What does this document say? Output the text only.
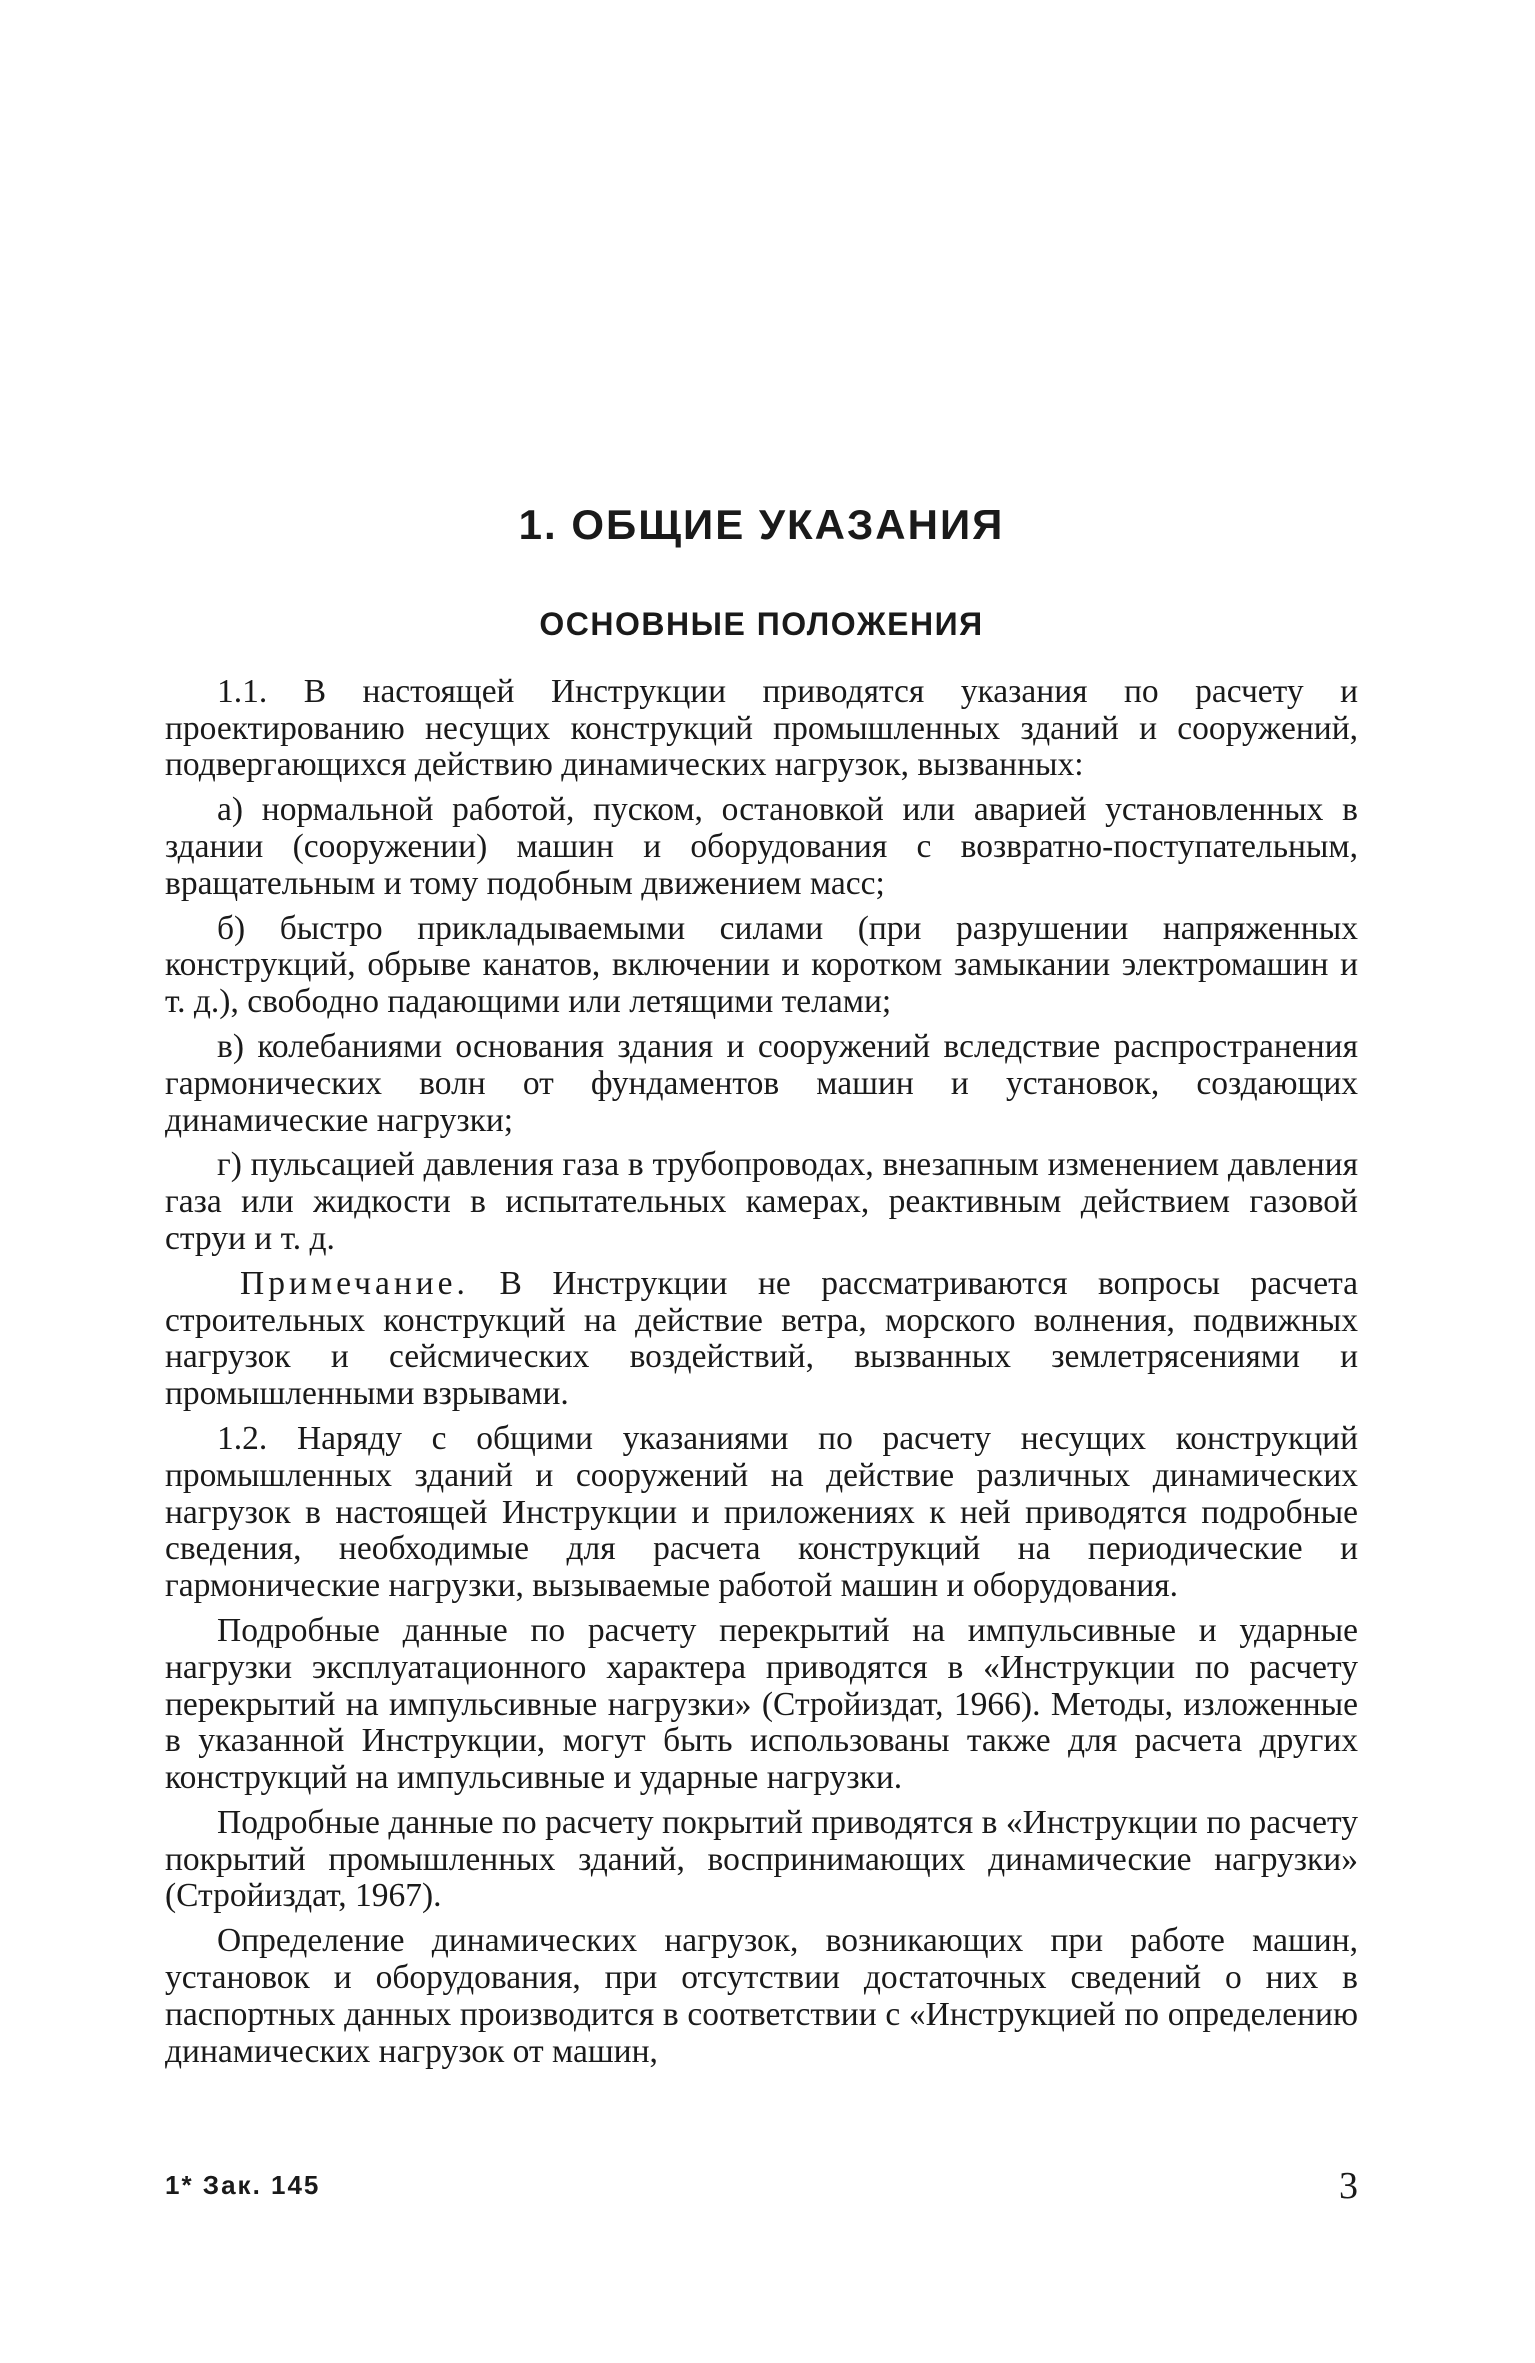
1. ОБЩИЕ УКАЗАНИЯ
ОСНОВНЫЕ ПОЛОЖЕНИЯ

1.1. В настоящей Инструкции приводятся указания по расчету и проектированию несущих конструкций промышленных зданий и сооружений, подвергающихся действию динамических нагрузок, вызванных:

а) нормальной работой, пуском, остановкой или аварией установленных в здании (сооружении) машин и оборудования с возвратно-поступательным, вращательным и тому подобным движением масс;

б) быстро прикладываемыми силами (при разрушении напряженных конструкций, обрыве канатов, включении и коротком замыкании электромашин и т. д.), свободно падающими или летящими телами;

в) колебаниями основания здания и сооружений вследствие распространения гармонических волн от фундаментов машин и установок, создающих динамические нагрузки;

г) пульсацией давления газа в трубопроводах, внезапным изменением давления газа или жидкости в испытательных камерах, реактивным действием газовой струи и т. д.

Примечание. В Инструкции не рассматриваются вопросы расчета строительных конструкций на действие ветра, морского волнения, подвижных нагрузок и сейсмических воздействий, вызванных землетрясениями и промышленными взрывами.

1.2. Наряду с общими указаниями по расчету несущих конструкций промышленных зданий и сооружений на действие различных динамических нагрузок в настоящей Инструкции и приложениях к ней приводятся подробные сведения, необходимые для расчета конструкций на периодические и гармонические нагрузки, вызываемые работой машин и оборудования.

Подробные данные по расчету перекрытий на импульсивные и ударные нагрузки эксплуатационного характера приводятся в «Инструкции по расчету перекрытий на импульсивные нагрузки» (Стройиздат, 1966). Методы, изложенные в указанной Инструкции, могут быть использованы также для расчета других конструкций на импульсивные и ударные нагрузки.

Подробные данные по расчету покрытий приводятся в «Инструкции по расчету покрытий промышленных зданий, воспринимающих динамические нагрузки» (Стройиздат, 1967).

Определение динамических нагрузок, возникающих при работе машин, установок и оборудования, при отсутствии достаточных сведений о них в паспортных данных производится в соответствии с «Инструкцией по определению динамических нагрузок от машин,

1* Зак. 145	3
